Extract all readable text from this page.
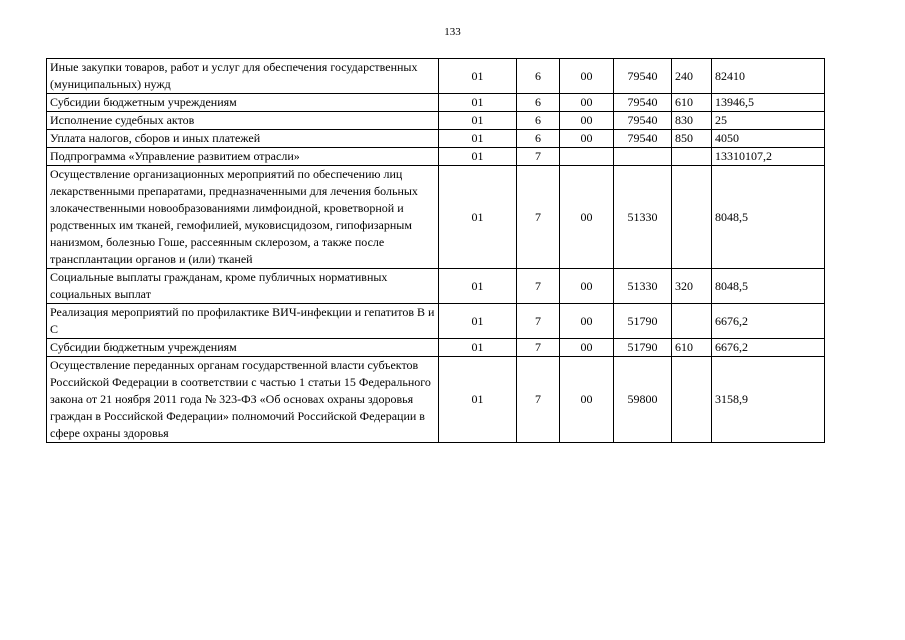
133
Иные закупки товаров, работ и услуг для обеспечения государственных (муниципальных) нужд	01	6	00	79540	240	82410
Субсидии бюджетным учреждениям	01	6	00	79540	610	13946,5
Исполнение судебных актов	01	6	00	79540	830	25
Уплата налогов, сборов и иных платежей	01	6	00	79540	850	4050
Подпрограмма «Управление развитием отрасли»	01	7				13310107,2
Осуществление организационных мероприятий по обеспечению лиц лекарственными препаратами, предназначенными для лечения больных злокачественными новообразованиями лимфоидной, кроветворной и родственных им тканей, гемофилией, муковисцидозом, гипофизарным нанизмом, болезнью Гоше, рассеянным склерозом, а также после трансплантации органов и (или) тканей	01	7	00	51330		8048,5
Социальные выплаты гражданам, кроме публичных нормативных социальных выплат	01	7	00	51330	320	8048,5
Реализация мероприятий по профилактике ВИЧ-инфекции и гепатитов B и C	01	7	00	51790		6676,2
Субсидии бюджетным учреждениям	01	7	00	51790	610	6676,2
Осуществление переданных органам государственной власти субъектов Российской Федерации в соответствии с частью 1 статьи 15 Федерального закона от 21 ноября 2011 года № 323-ФЗ «Об основах охраны здоровья граждан в Российской Федерации» полномочий Российской Федерации в сфере охраны здоровья	01	7	00	59800		3158,9
